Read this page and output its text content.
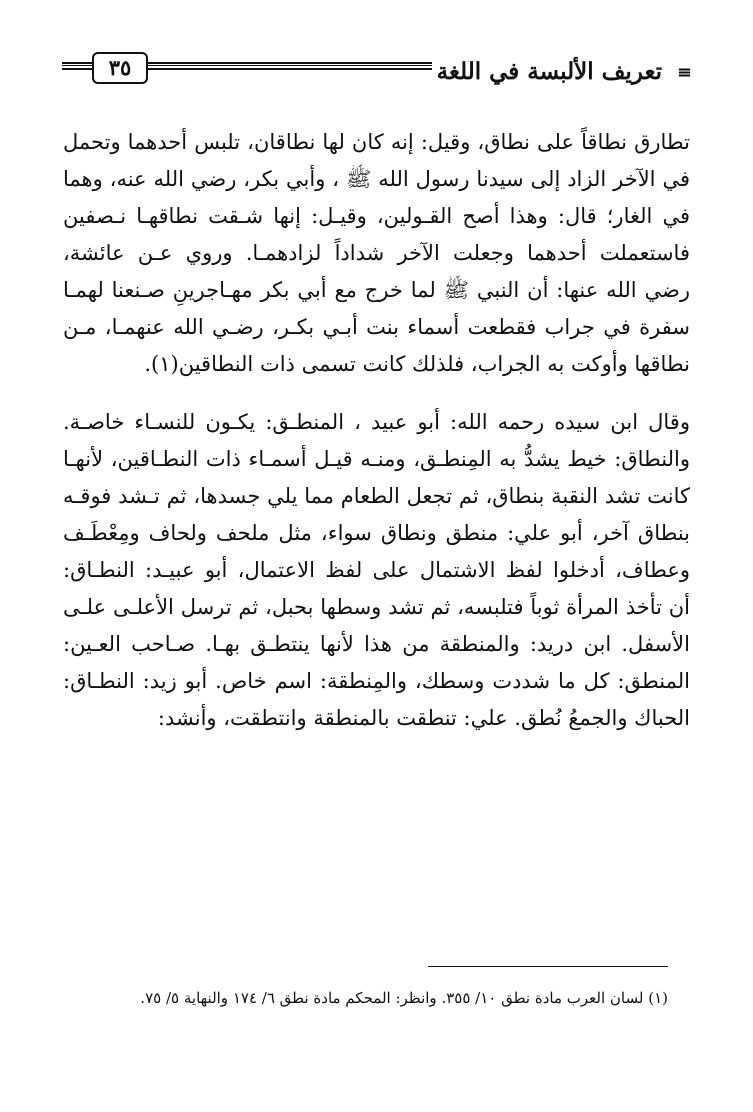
≡
تعريف الألبسة في اللغة
٣٥
تطارق نطاقاً على نطاق، وقيل: إنه كان لها نطاقان، تلبس أحدهما وتحمل
في الآخر الزاد إلى سيدنا رسول الله ﷺ ، وأبي بكر، رضي الله عنه، وهما
في الغار؛ قال: وهذا أصح القـولين، وقيـل: إنها شـقت نطاقهـا نـصفين
فاستعملت أحدهما وجعلت الآخر شداداً لزادهمـا. وروي عـن عائشة،
رضي الله عنها: أن النبي ﷺ لما خرج مع أبي بكر مهـاجرينِ صـنعنا لهمـا
سفرة في جراب فقطعت أسماء بنت أبـي بكـر، رضـي الله عنهمـا، مـن
نطاقها وأوكت به الجراب، فلذلك كانت تسمى ذات النطاقين(١).
وقال ابن سيده رحمه الله: أبو عبيد ، المنطـق: يكـون للنسـاء خاصـة.
والنطاق: خيط يشدُّ به المِنطـق، ومنـه قيـل أسمـاء ذات النطـاقين، لأنهـا
كانت تشد النقبة بنطاق، ثم تجعل الطعام مما يلي جسدها، ثم تـشد فوقـه
بنطاق آخر، أبو علي: منطق ونطاق سواء، مثل ملحف ولحاف ومِعْطَـف
وعطاف، أدخلوا لفظ الاشتمال على لفظ الاعتمال، أبو عبيـد: النطـاق:
أن تأخذ المرأة ثوباً فتلبسه، ثم تشد وسطها بحبل، ثم ترسل الأعلـى علـى
الأسفل. ابن دريد: والمنطقة من هذا لأنها ينتطـق بهـا. صـاحب العـين:
المنطق: كل ما شددت وسطك، والمِنطقة: اسم خاص. أبو زيد: النطـاق:
الحباك والجمعُ نُطق. علي: تنطقت بالمنطقة وانتطقت، وأنشد:
(١) لسان العرب مادة نطق ١٠/ ٣٥٥. وانظر: المحكم مادة نطق ٦/ ١٧٤ والنهاية ٥/ ٧٥.
